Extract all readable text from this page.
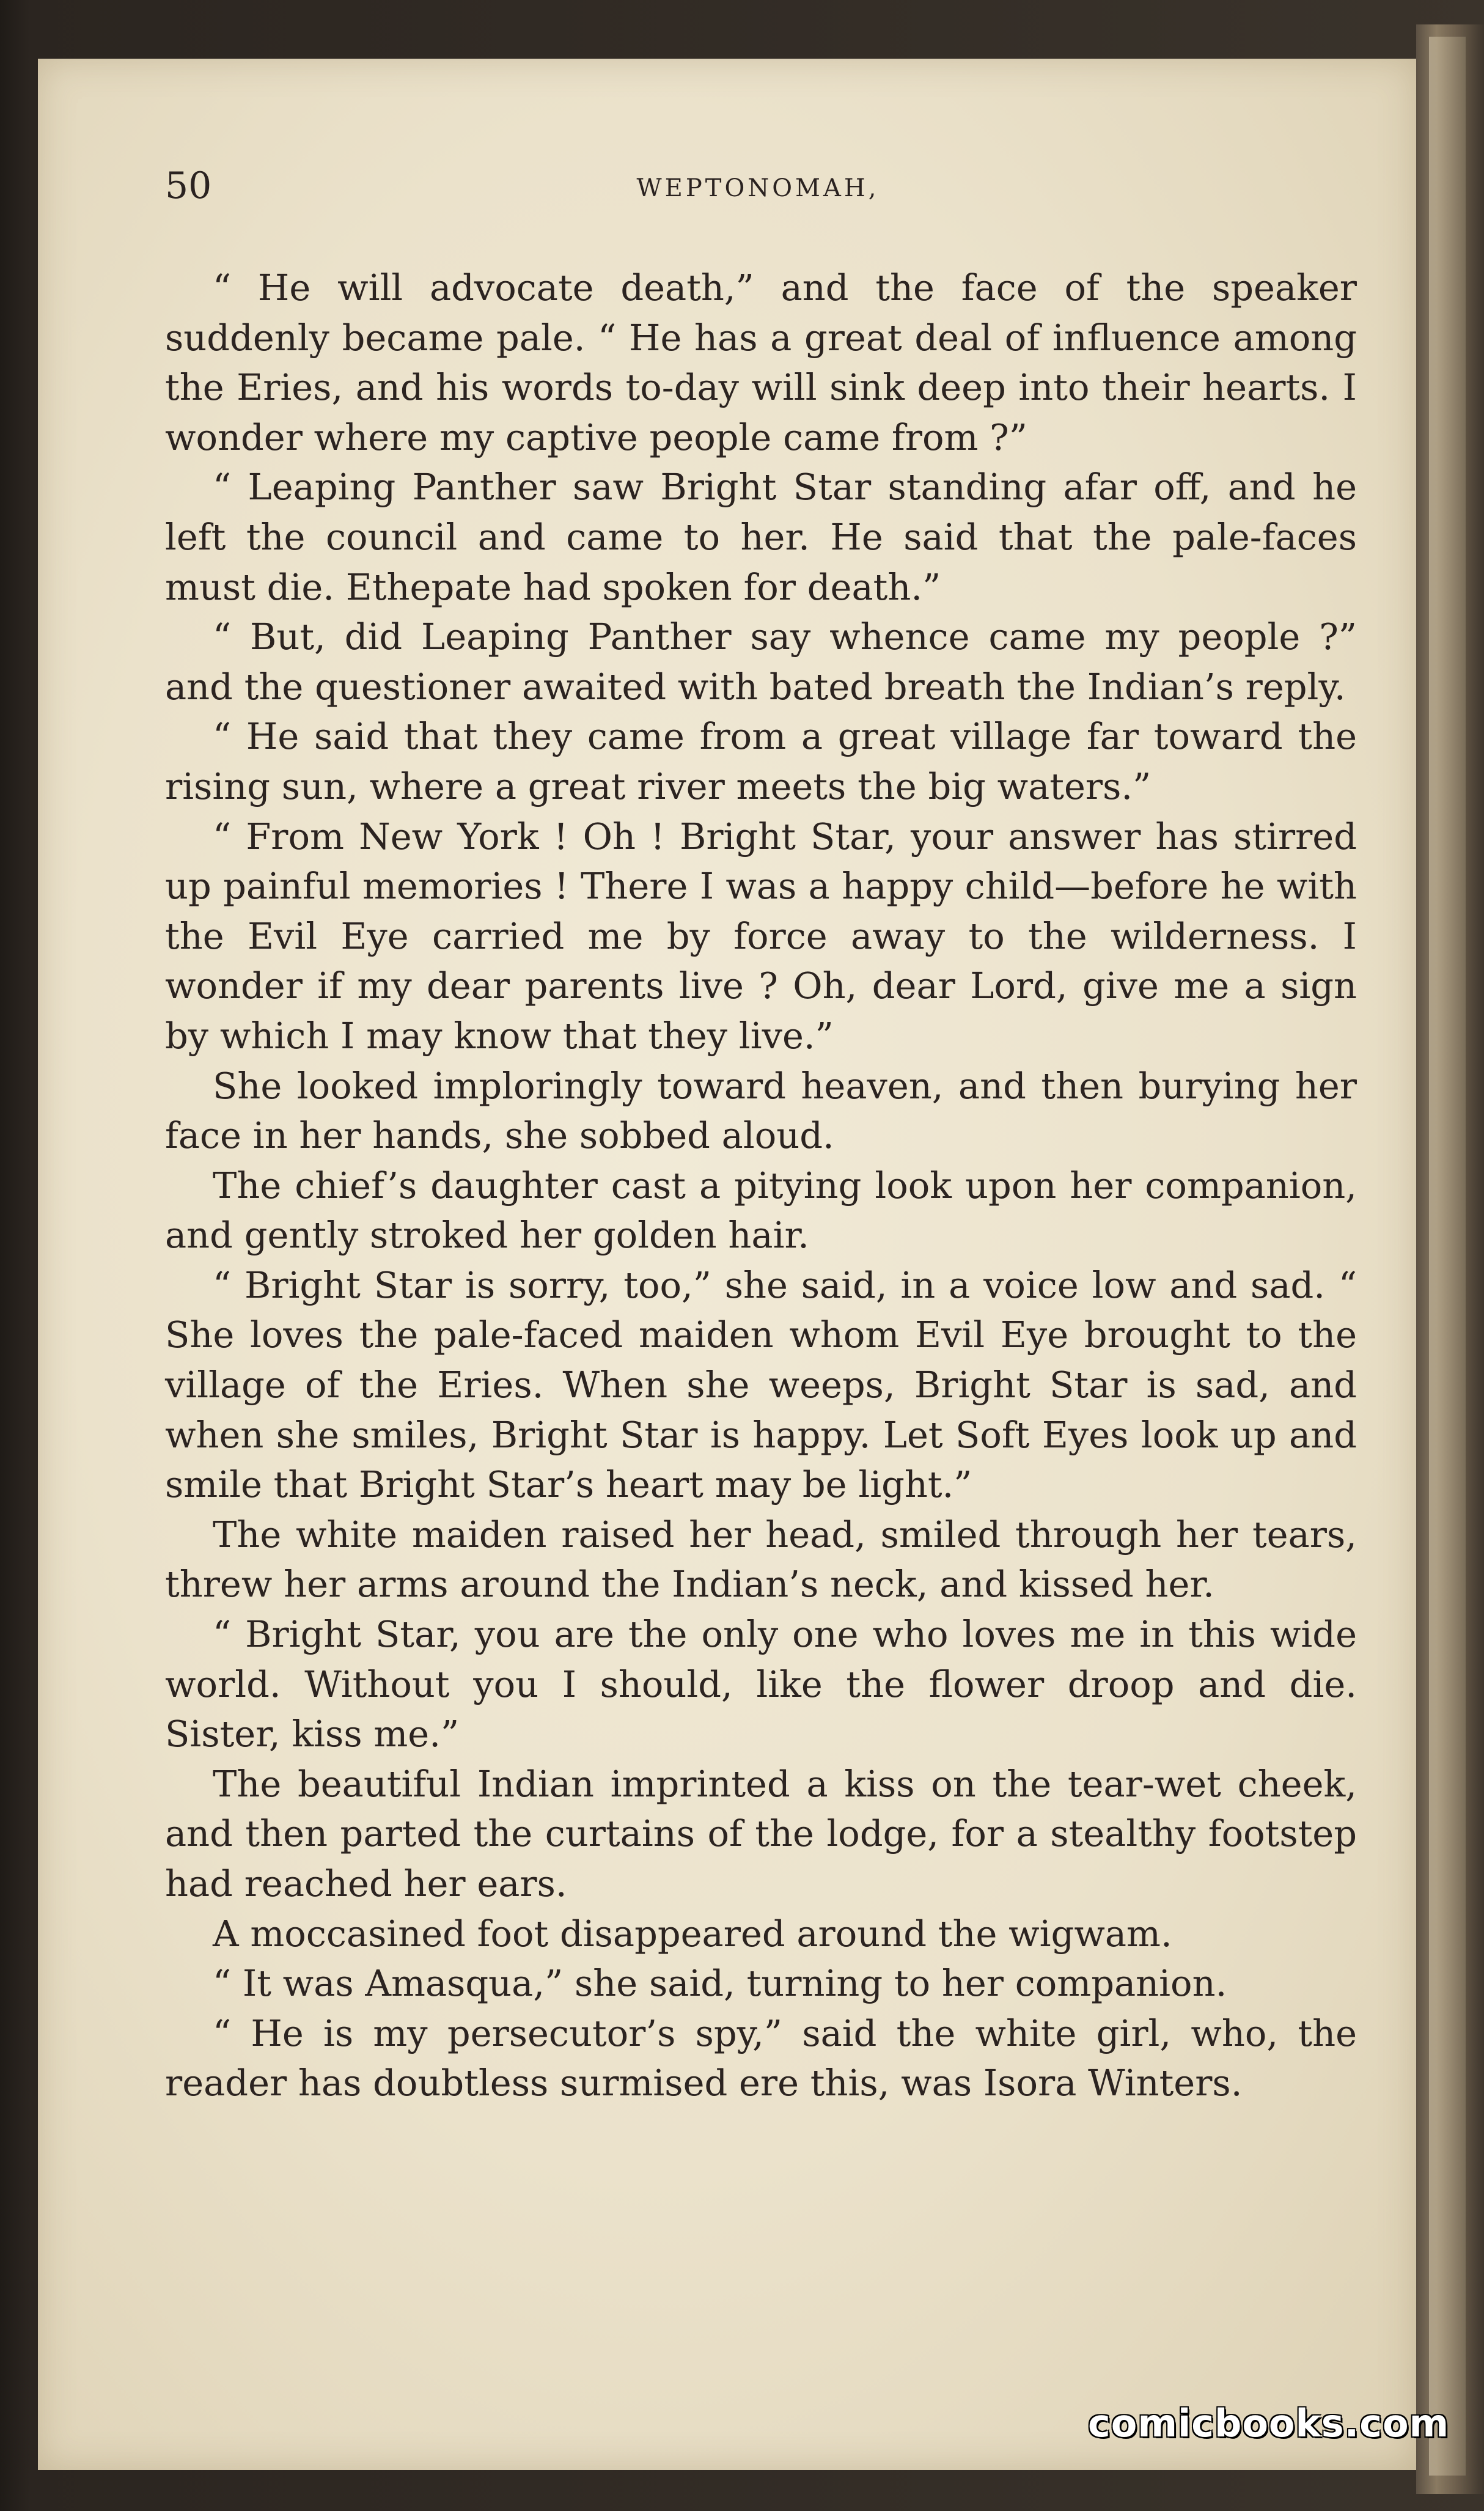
50	WEPTONOMAH,

“ He will advocate death,” and the face of the speaker suddenly became pale. “ He has a great deal of influence among the Eries, and his words to-day will sink deep into their hearts. I wonder where my captive people came from ?”

“ Leaping Panther saw Bright Star standing afar off, and he left the council and came to her. He said that the pale-faces must die. Ethepate had spoken for death.”

“ But, did Leaping Panther say whence came my people ?” and the questioner awaited with bated breath the Indian’s reply.

“ He said that they came from a great village far toward the rising sun, where a great river meets the big waters.”

“ From New York ! Oh ! Bright Star, your answer has stirred up painful memories ! There I was a happy child—before he with the Evil Eye carried me by force away to the wilderness. I wonder if my dear parents live ? Oh, dear Lord, give me a sign by which I may know that they live.”

She looked imploringly toward heaven, and then burying her face in her hands, she sobbed aloud.

The chief’s daughter cast a pitying look upon her companion, and gently stroked her golden hair.

“ Bright Star is sorry, too,” she said, in a voice low and sad. “ She loves the pale-faced maiden whom Evil Eye brought to the village of the Eries. When she weeps, Bright Star is sad, and when she smiles, Bright Star is happy. Let Soft Eyes look up and smile that Bright Star’s heart may be light.”

The white maiden raised her head, smiled through her tears, threw her arms around the Indian’s neck, and kissed her.

“ Bright Star, you are the only one who loves me in this wide world. Without you I should, like the flower droop and die. Sister, kiss me.”

The beautiful Indian imprinted a kiss on the tear-wet cheek, and then parted the curtains of the lodge, for a stealthy footstep had reached her ears.

A moccasined foot disappeared around the wigwam.

“ It was Amasqua,” she said, turning to her companion.

“ He is my persecutor’s spy,” said the white girl, who, the reader has doubtless surmised ere this, was Isora Winters.

comicbooks.com
